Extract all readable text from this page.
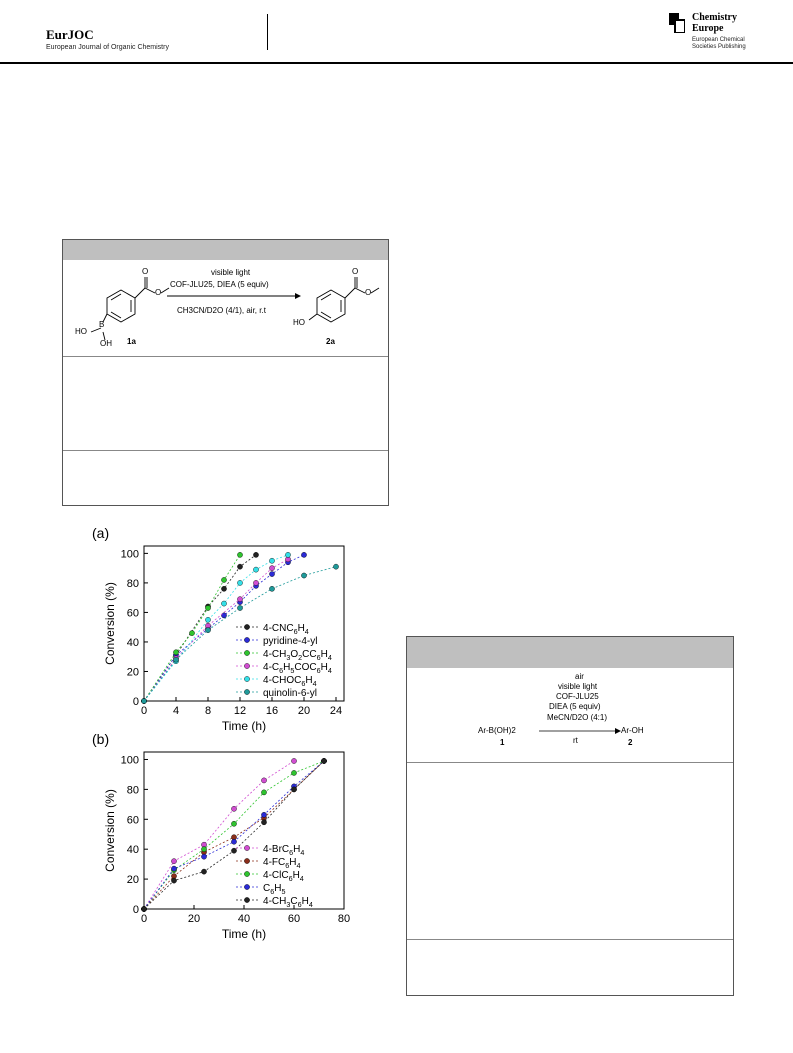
EurJOC
European Journal of Organic Chemistry
Chemistry
Europe
European Chemical
Societies Publishing
O
O
B
HO
OH 1a
visible light
COF-JLU25, DIEA (5 equiv)
CH3CN/D2O (4/1), air, r.t
O
O
HO
2a
(a)
0 4 8 12 16 20 24
0
20
40
60
80
100
Time (h)
Conversion (%)	$4-CNC_6H_4$
pyridine-4-yl
$4-CH_3O_2CC_6H_4$
$4-C_6H_5COC_6H_4$
$4-CHOC_6H_4$
quinolin-6-yl
(b)
0	20	40	60	80
0
20
40
60
80
100
Time (h)
Conversion (%)	$4-BrC_6H_4$
$4-FC_6H_4$
$4-ClC_6H_4$
$C_6H_5$
$4-CH_3C_6H_4$
air
visible light
COF-JLU25
DIEA (5 equiv)
MeCN/D2O (4:1)
Ar-B(OH)2	Ar-OH
rt
1	2
